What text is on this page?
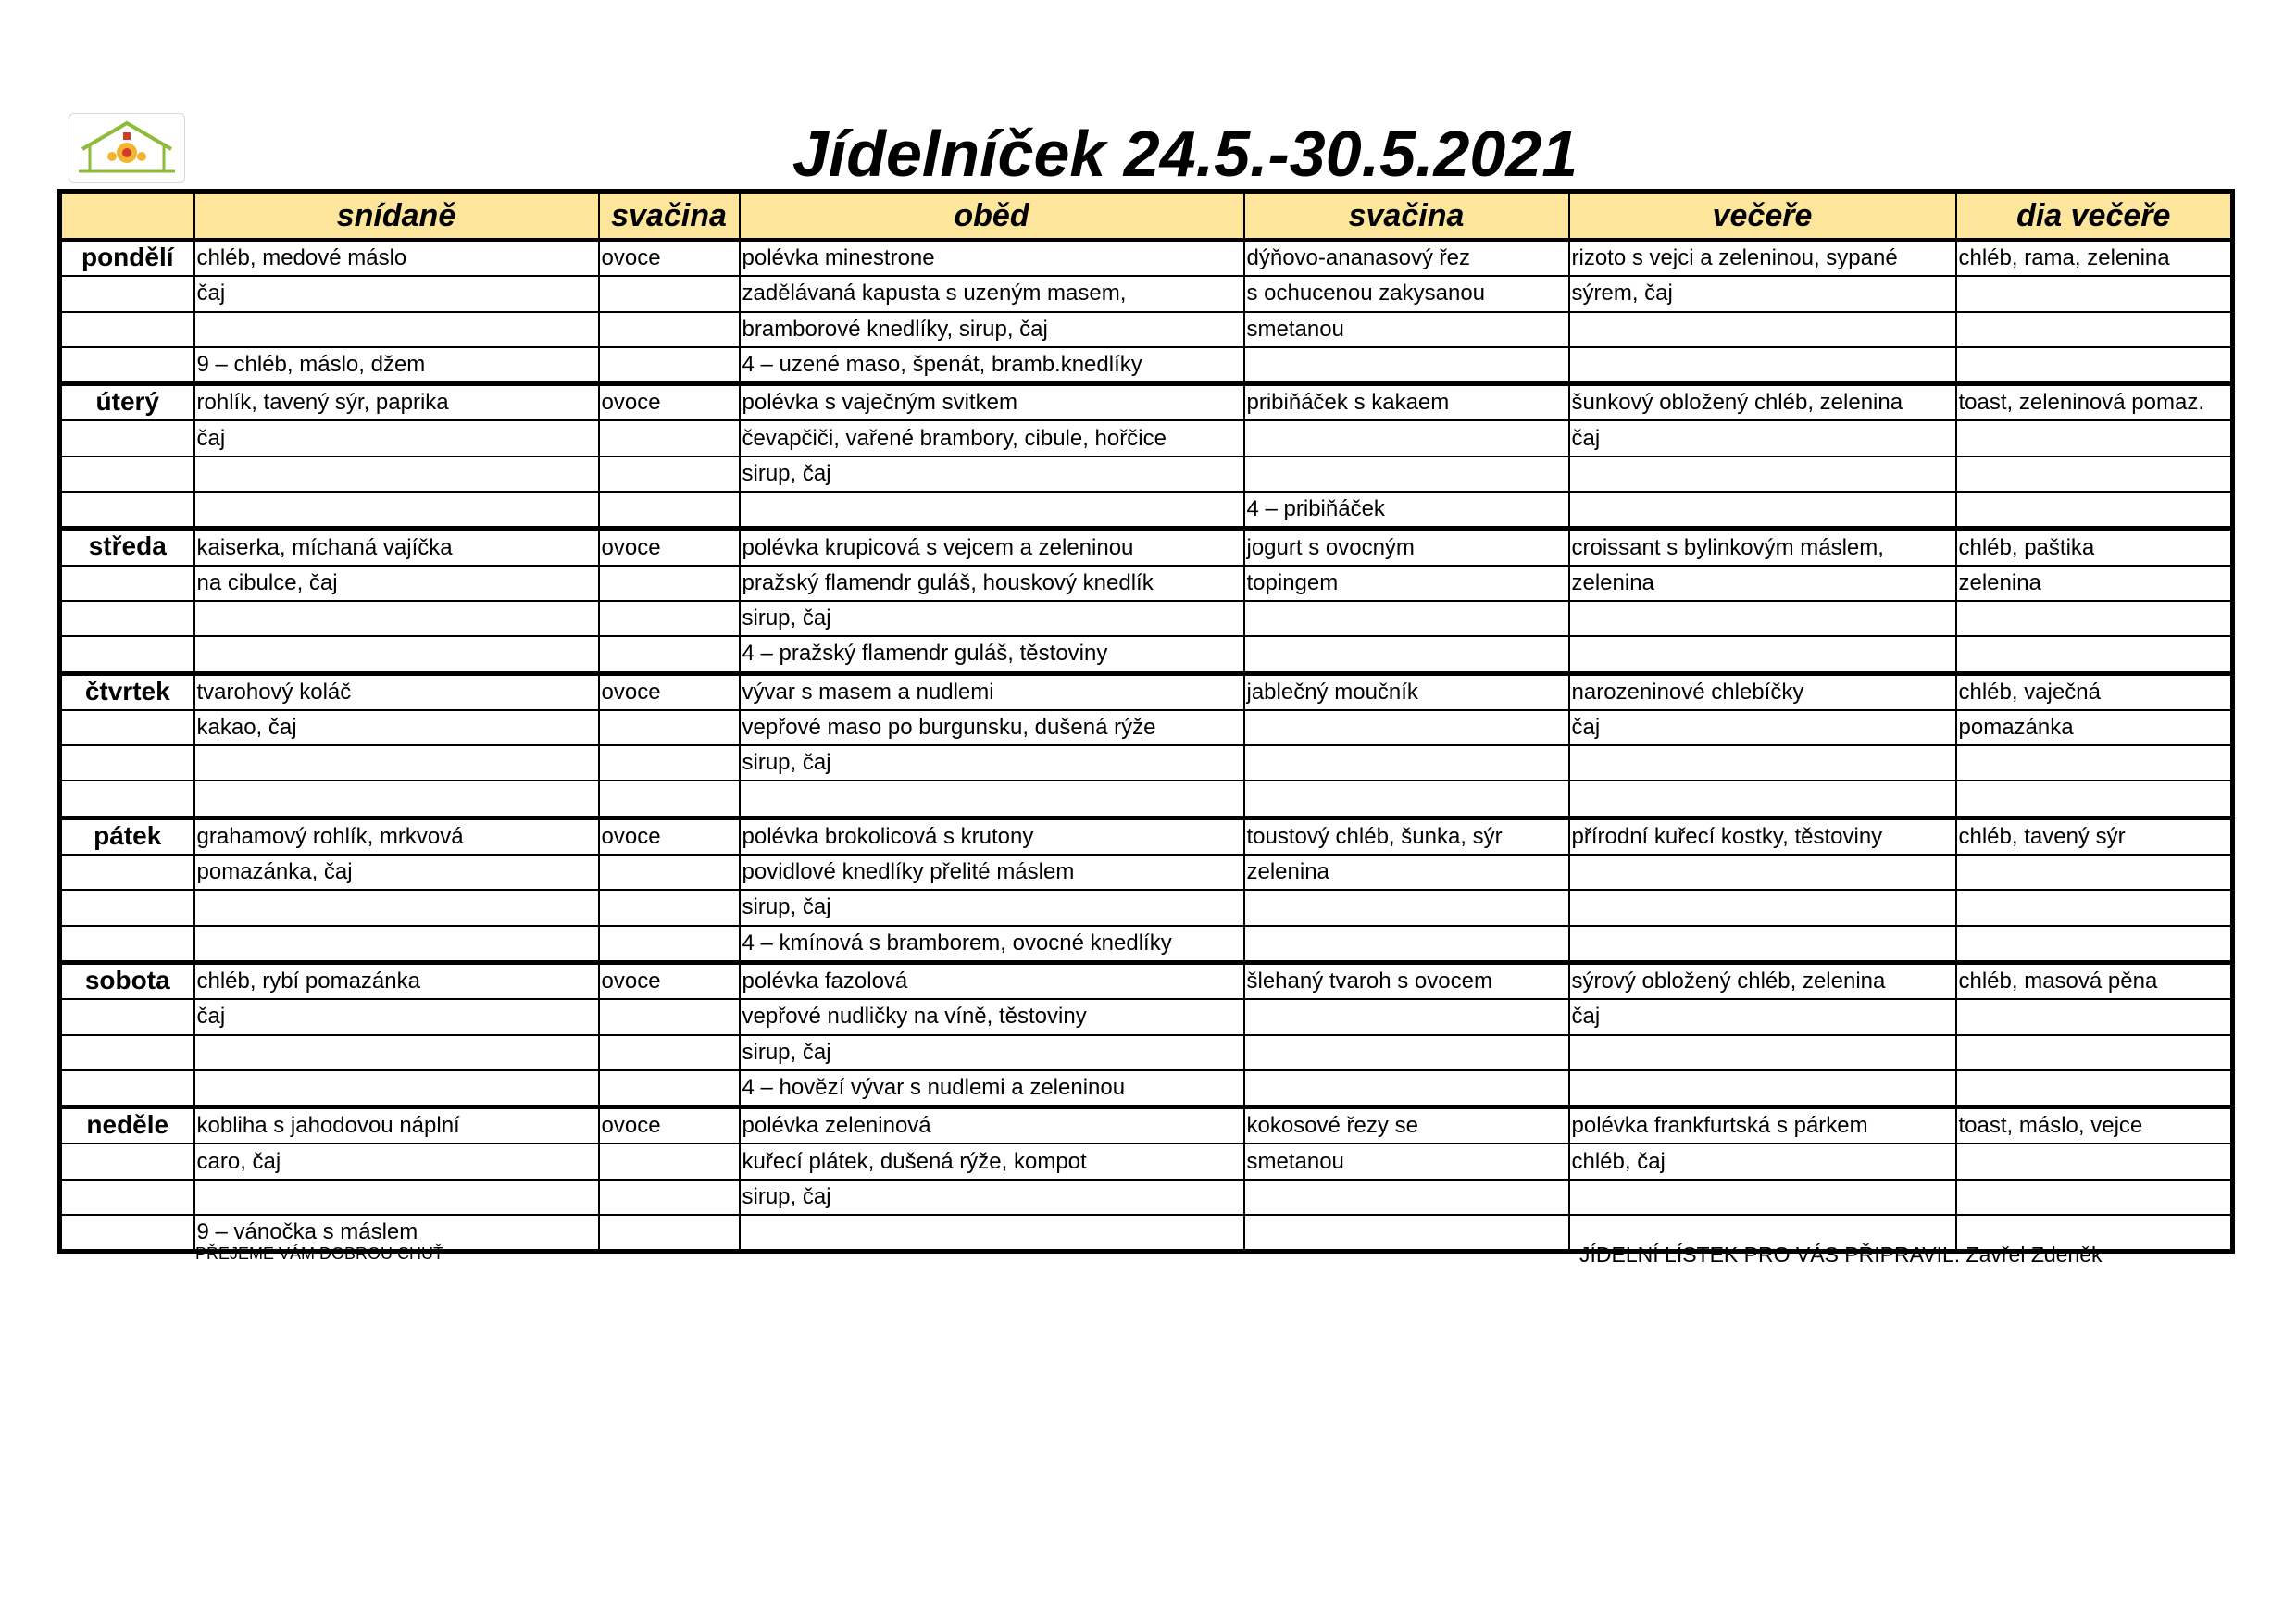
Jídelníček 24.5.-30.5.2021
	snídaně	svačina	oběd	svačina	večeře	dia večeře
pondělí	chléb, medové máslo	ovoce	polévka minestrone	dýňovo-ananasový řez	rizoto s vejci a zeleninou, sypané	chléb, rama, zelenina
	čaj		zadělávaná kapusta s uzeným masem,	s ochucenou zakysanou	sýrem, čaj	
			bramborové knedlíky, sirup, čaj	smetanou		
	9 – chléb, máslo, džem		4 – uzené maso, špenát, bramb.knedlíky			
úterý	rohlík, tavený sýr, paprika	ovoce	polévka s vaječným svitkem	pribiňáček s kakaem	šunkový obložený chléb, zelenina	toast, zeleninová pomaz.
	čaj		čevapčiči, vařené brambory, cibule, hořčice		čaj	
			sirup, čaj			
				4 – pribiňáček		
středa	kaiserka, míchaná vajíčka	ovoce	polévka krupicová s vejcem a zeleninou	jogurt s ovocným	croissant s bylinkovým máslem,	chléb, paštika
	na cibulce, čaj		pražský flamendr guláš, houskový knedlík	topingem	zelenina	zelenina
			sirup, čaj			
			4 – pražský flamendr guláš, těstoviny			
čtvrtek	tvarohový koláč	ovoce	vývar s masem a nudlemi	jablečný moučník	narozeninové chlebíčky	chléb, vaječná
	kakao, čaj		vepřové maso po burgunsku, dušená rýže		čaj	pomazánka
			sirup, čaj			

pátek	grahamový rohlík, mrkvová	ovoce	polévka brokolicová s krutony	toustový chléb, šunka, sýr	přírodní kuřecí kostky, těstoviny	chléb, tavený sýr
	pomazánka, čaj		povidlové knedlíky přelité máslem	zelenina		
			sirup, čaj			
			4 – kmínová s bramborem, ovocné knedlíky			
sobota	chléb, rybí pomazánka	ovoce	polévka fazolová	šlehaný tvaroh s ovocem	sýrový obložený chléb, zelenina	chléb, masová pěna
	čaj		vepřové nudličky na víně, těstoviny		čaj	
			sirup, čaj			
			4 – hovězí vývar s nudlemi a zeleninou			
neděle	kobliha s jahodovou náplní	ovoce	polévka zeleninová	kokosové řezy se	polévka frankfurtská s párkem	toast, máslo, vejce
	caro, čaj		kuřecí plátek, dušená rýže, kompot	smetanou	chléb, čaj	
			sirup, čaj			
	9 – vánočka s máslem					
PŘEJEME VÁM DOBROU CHUŤ	JÍDELNÍ LÍSTEK PRO VÁS PŘIPRAVIL: Zavřel Zdeněk
